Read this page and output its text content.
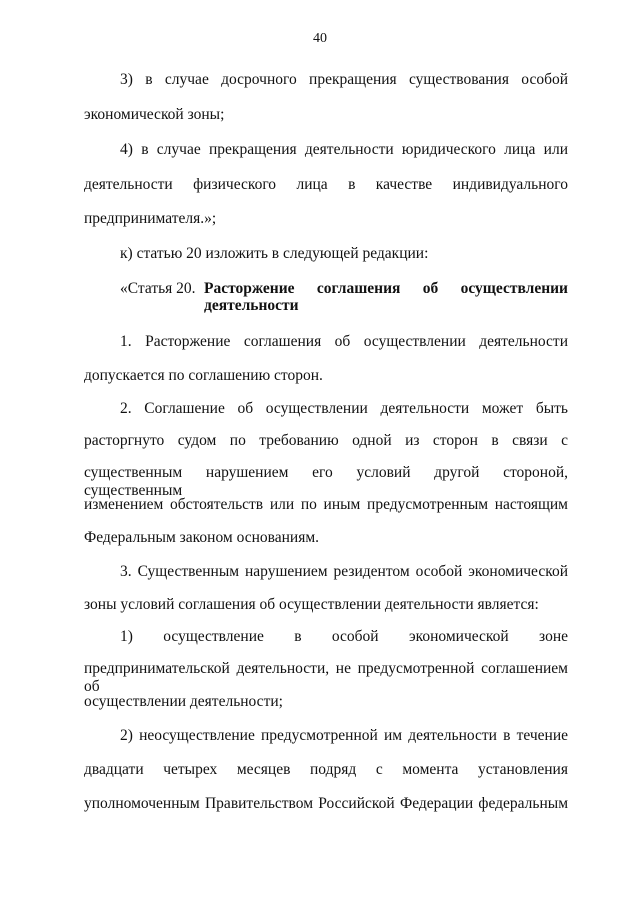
40
3) в случае досрочного прекращения существования особой
экономической зоны;
4) в случае прекращения деятельности юридического лица или
деятельности физического лица в качестве индивидуального
предпринимателя.»;
к) статью 20 изложить в следующей редакции:
«Статья 20. Расторжение соглашения об осуществлении
деятельности
1. Расторжение соглашения об осуществлении деятельности
допускается по соглашению сторон.
2. Соглашение об осуществлении деятельности может быть
расторгнуто судом по требованию одной из сторон в связи с
существенным нарушением его условий другой стороной, существенным
изменением обстоятельств или по иным предусмотренным настоящим
Федеральным законом основаниям.
3. Существенным нарушением резидентом особой экономической
зоны условий соглашения об осуществлении деятельности является:
1) осуществление в особой экономической зоне
предпринимательской деятельности, не предусмотренной соглашением об
осуществлении деятельности;
2) неосуществление предусмотренной им деятельности в течение
двадцати четырех месяцев подряд с момента установления
уполномоченным Правительством Российской Федерации федеральным
